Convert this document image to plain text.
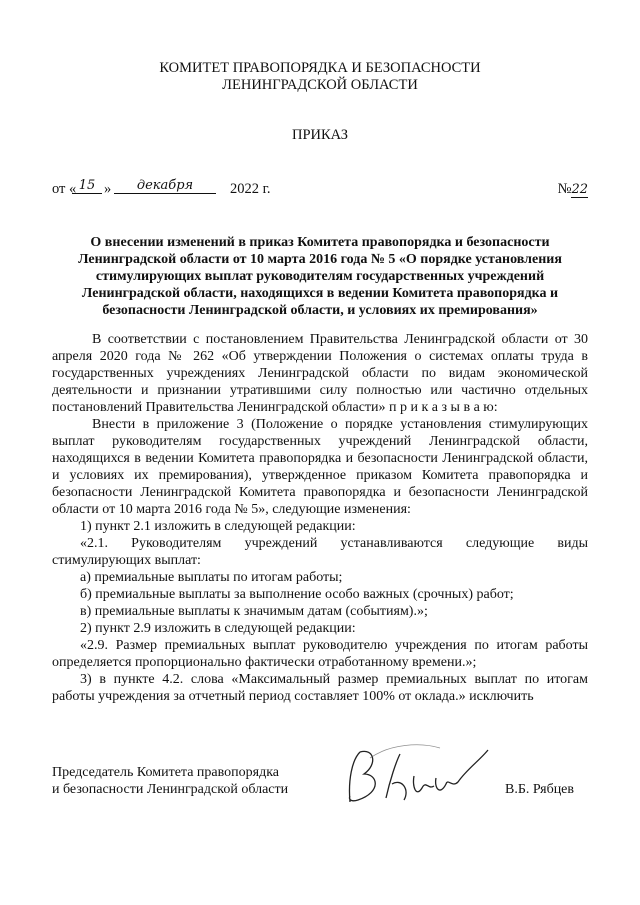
КОМИТЕТ ПРАВОПОРЯДКА И БЕЗОПАСНОСТИ
ЛЕНИНГРАДСКОЙ ОБЛАСТИ
ПРИКАЗ
от « 15 »	декабря	2022 г.	№22
О внесении изменений в приказ Комитета правопорядка и безопасности Ленинградской области от 10 марта 2016 года № 5 «О порядке установления стимулирующих выплат руководителям государственных учреждений Ленинградской области, находящихся в ведении Комитета правопорядка и безопасности Ленинградской области, и условиях их премирования»

В соответствии с постановлением Правительства Ленинградской области от 30 апреля 2020 года № 262 «Об утверждении Положения о системах оплаты труда в государственных учреждениях Ленинградской области по видам экономической деятельности и признании утратившими силу полностью или частично отдельных постановлений Правительства Ленинградской области» п р и к а з ы в а ю:

Внести в приложение 3 (Положение о порядке установления стимулирующих выплат руководителям государственных учреждений Ленинградской области, находящихся в ведении Комитета правопорядка и безопасности Ленинградской области, и условиях их премирования), утвержденное приказом Комитета правопорядка и безопасности Ленинградской Комитета правопорядка и безопасности Ленинградской области от 10 марта 2016 года № 5», следующие изменения:

1) пункт 2.1 изложить в следующей редакции:

«2.1. Руководителям учреждений устанавливаются следующие виды стимулирующих выплат:

а) премиальные выплаты по итогам работы;

б) премиальные выплаты за выполнение особо важных (срочных) работ;

в) премиальные выплаты к значимым датам (событиям).»;

2) пункт 2.9 изложить в следующей редакции:

«2.9. Размер премиальных выплат руководителю учреждения по итогам работы определяется пропорционально фактически отработанному времени.»;

3) в пункте 4.2. слова «Максимальный размер премиальных выплат по итогам работы учреждения за отчетный период составляет 100% от оклада.» исключить

Председатель Комитета правопорядка
и безопасности Ленинградской области	В.Б. Рябцев
